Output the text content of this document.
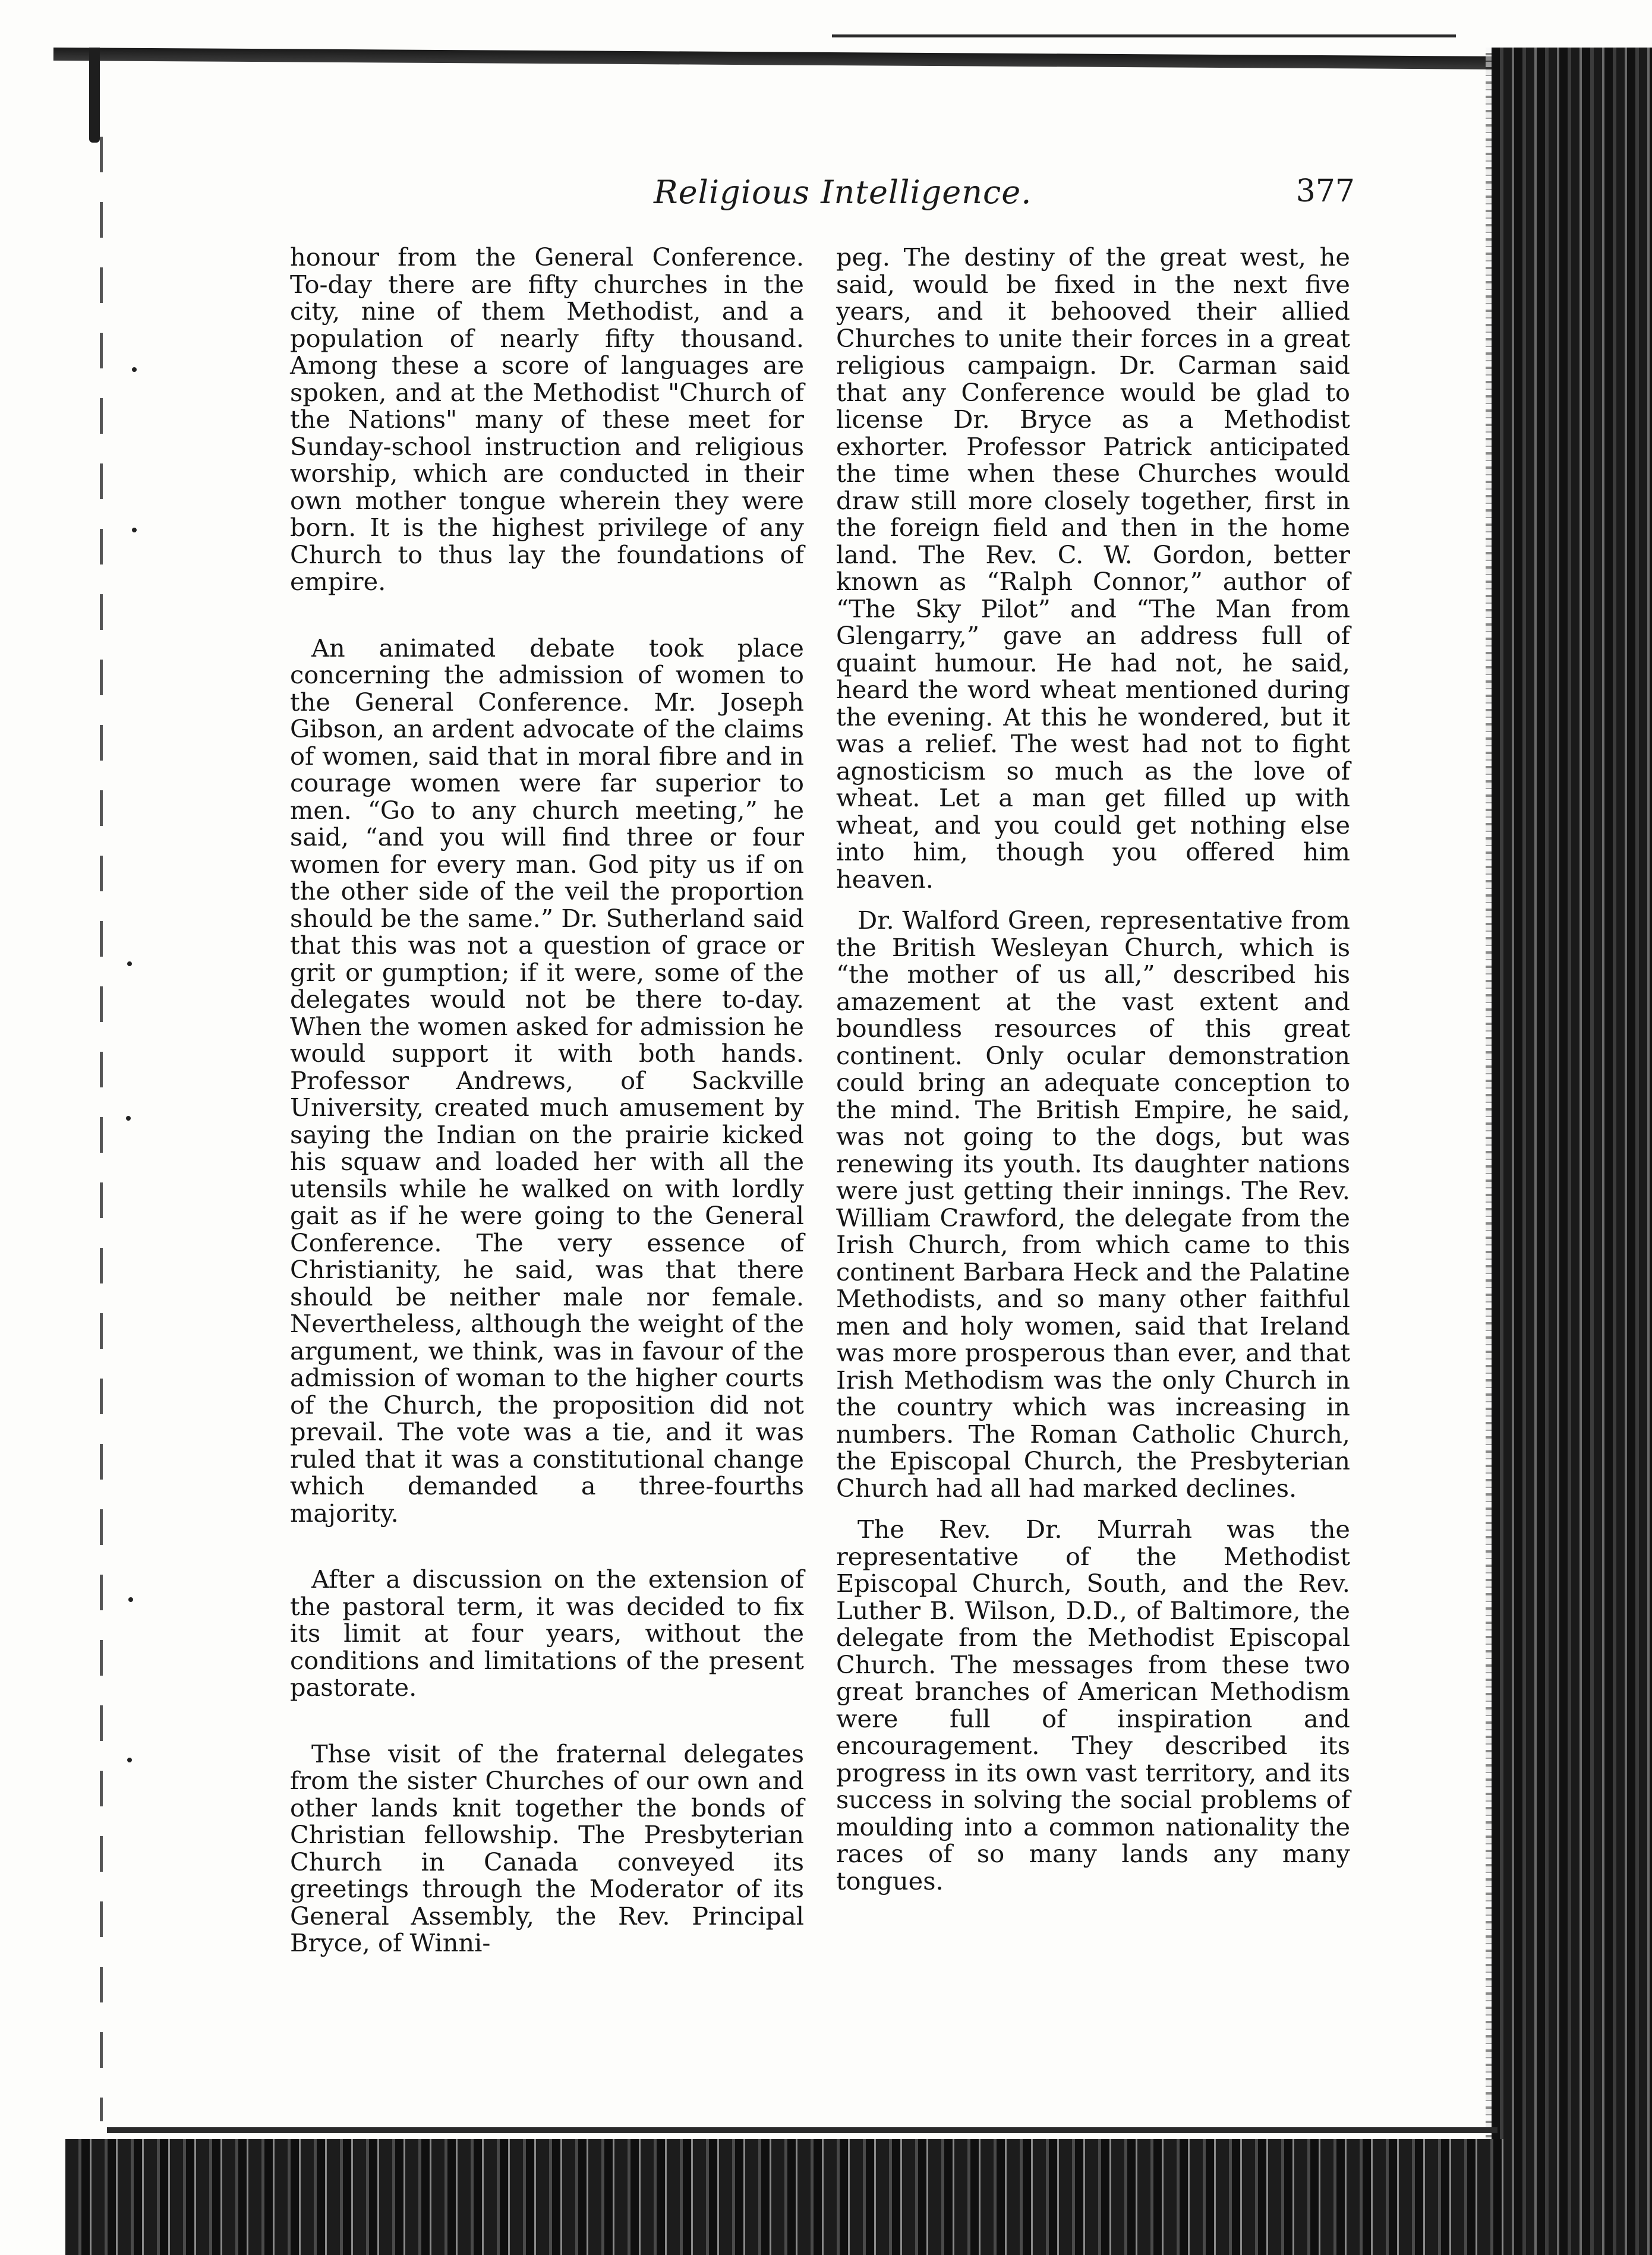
Religious Intelligence.	377

honour from the General Conference. To-day there are fifty churches in the city, nine of them Methodist, and a population of nearly fifty thousand. Among these a score of languages are spoken, and at the Methodist "Church of the Nations" many of these meet for Sunday-school instruction and religious worship, which are conducted in their own mother tongue wherein they were born. It is the highest privilege of any Church to thus lay the foundations of empire.

An animated debate took place concerning the admission of women to the General Conference. Mr. Joseph Gibson, an ardent advocate of the claims of women, said that in moral fibre and in courage women were far superior to men. “Go to any church meeting,” he said, “and you will find three or four women for every man. God pity us if on the other side of the veil the proportion should be the same.” Dr. Sutherland said that this was not a question of grace or grit or gumption; if it were, some of the delegates would not be there to-day. When the women asked for admission he would support it with both hands. Professor Andrews, of Sackville University, created much amusement by saying the Indian on the prairie kicked his squaw and loaded her with all the utensils while he walked on with lordly gait as if he were going to the General Conference. The very essence of Christianity, he said, was that there should be neither male nor female. Nevertheless, although the weight of the argument, we think, was in favour of the admission of woman to the higher courts of the Church, the proposition did not prevail. The vote was a tie, and it was ruled that it was a constitutional change which demanded a three-fourths majority.

After a discussion on the extension of the pastoral term, it was decided to fix its limit at four years, without the conditions and limitations of the present pastorate.

Thse visit of the fraternal delegates from the sister Churches of our own and other lands knit together the bonds of Christian fellowship. The Presbyterian Church in Canada conveyed its greetings through the Moderator of its General Assembly, the Rev. Principal Bryce, of Winni-

peg. The destiny of the great west, he said, would be fixed in the next five years, and it behooved their allied Churches to unite their forces in a great religious campaign. Dr. Carman said that any Conference would be glad to license Dr. Bryce as a Methodist exhorter. Professor Patrick anticipated the time when these Churches would draw still more closely together, first in the foreign field and then in the home land. The Rev. C. W. Gordon, better known as “Ralph Connor,” author of “The Sky Pilot” and “The Man from Glengarry,” gave an address full of quaint humour. He had not, he said, heard the word wheat mentioned during the evening. At this he wondered, but it was a relief. The west had not to fight agnosticism so much as the love of wheat. Let a man get filled up with wheat, and you could get nothing else into him, though you offered him heaven.

Dr. Walford Green, representative from the British Wesleyan Church, which is “the mother of us all,” described his amazement at the vast extent and boundless resources of this great continent. Only ocular demonstration could bring an adequate conception to the mind. The British Empire, he said, was not going to the dogs, but was renewing its youth. Its daughter nations were just getting their innings. The Rev. William Crawford, the delegate from the Irish Church, from which came to this continent Barbara Heck and the Palatine Methodists, and so many other faithful men and holy women, said that Ireland was more prosperous than ever, and that Irish Methodism was the only Church in the country which was increasing in numbers. The Roman Catholic Church, the Episcopal Church, the Presbyterian Church had all had marked declines.

The Rev. Dr. Murrah was the representative of the Methodist Episcopal Church, South, and the Rev. Luther B. Wilson, D.D., of Baltimore, the delegate from the Methodist Episcopal Church. The messages from these two great branches of American Methodism were full of inspiration and encouragement. They described its progress in its own vast territory, and its success in solving the social problems of moulding into a common nationality the races of so many lands any many tongues.
